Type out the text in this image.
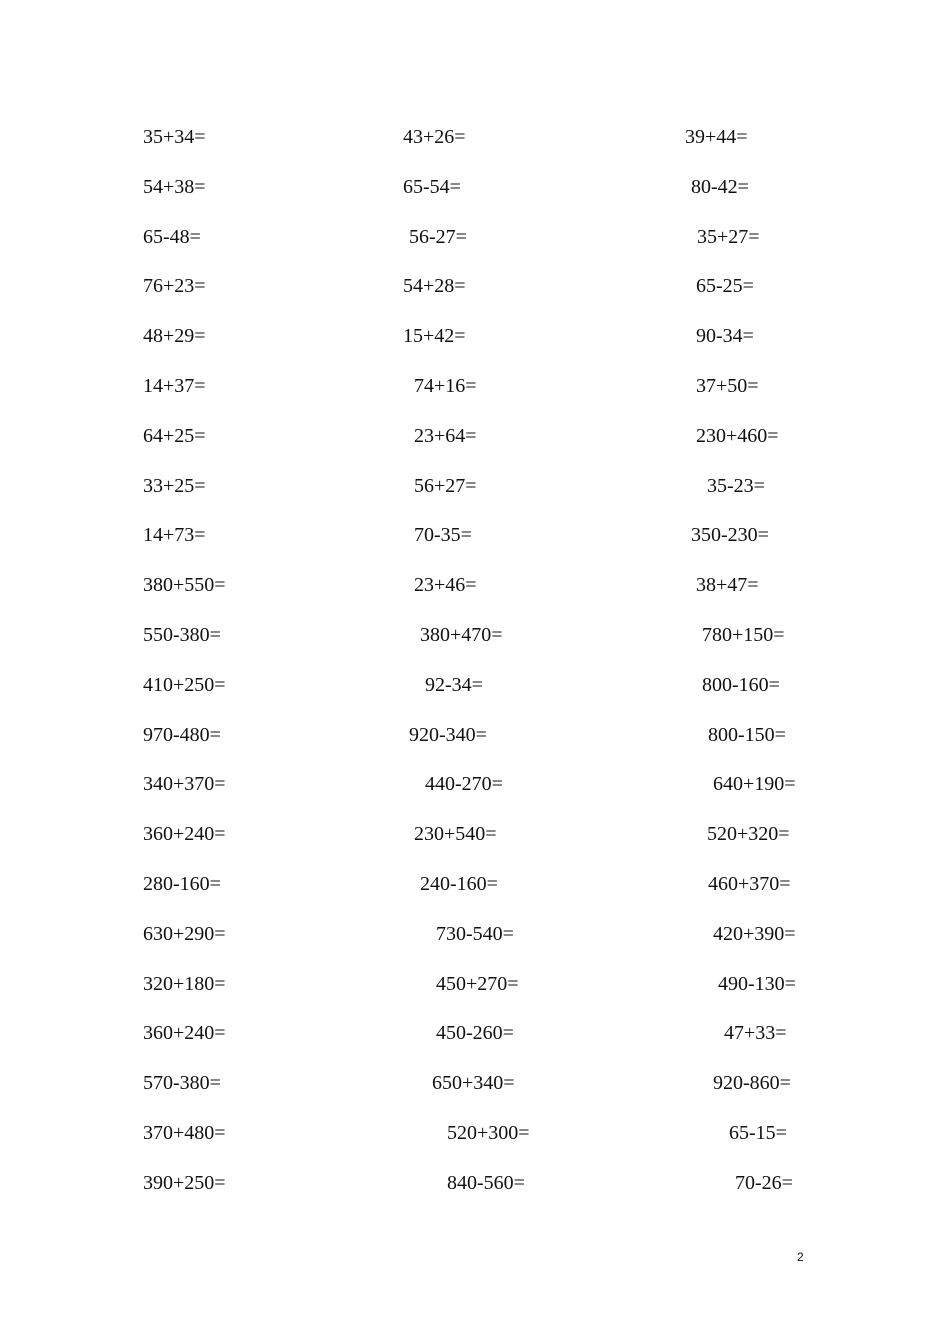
35+34=	43+26=	39+44=
54+38=	65-54=	80-42=
65-48=	56-27=	35+27=
76+23=	54+28=	65-25=
48+29=	15+42=	90-34=
14+37=	74+16=	37+50=
64+25=	23+64=	230+460=
33+25=	56+27=	35-23=
14+73=	70-35=	350-230=
380+550=	23+46=	38+47=
550-380=	380+470=	780+150=
410+250=	92-34=	800-160=
970-480=	920-340=	800-150=
340+370=	440-270=	640+190=
360+240=	230+540=	520+320=
280-160=	240-160=	460+370=
630+290=	730-540=	420+390=
320+180=	450+270=	490-130=
360+240=	450-260=	47+33=
570-380=	650+340=	920-860=
370+480=	520+300=	65-15=
390+250=	840-560=	70-26=
2
